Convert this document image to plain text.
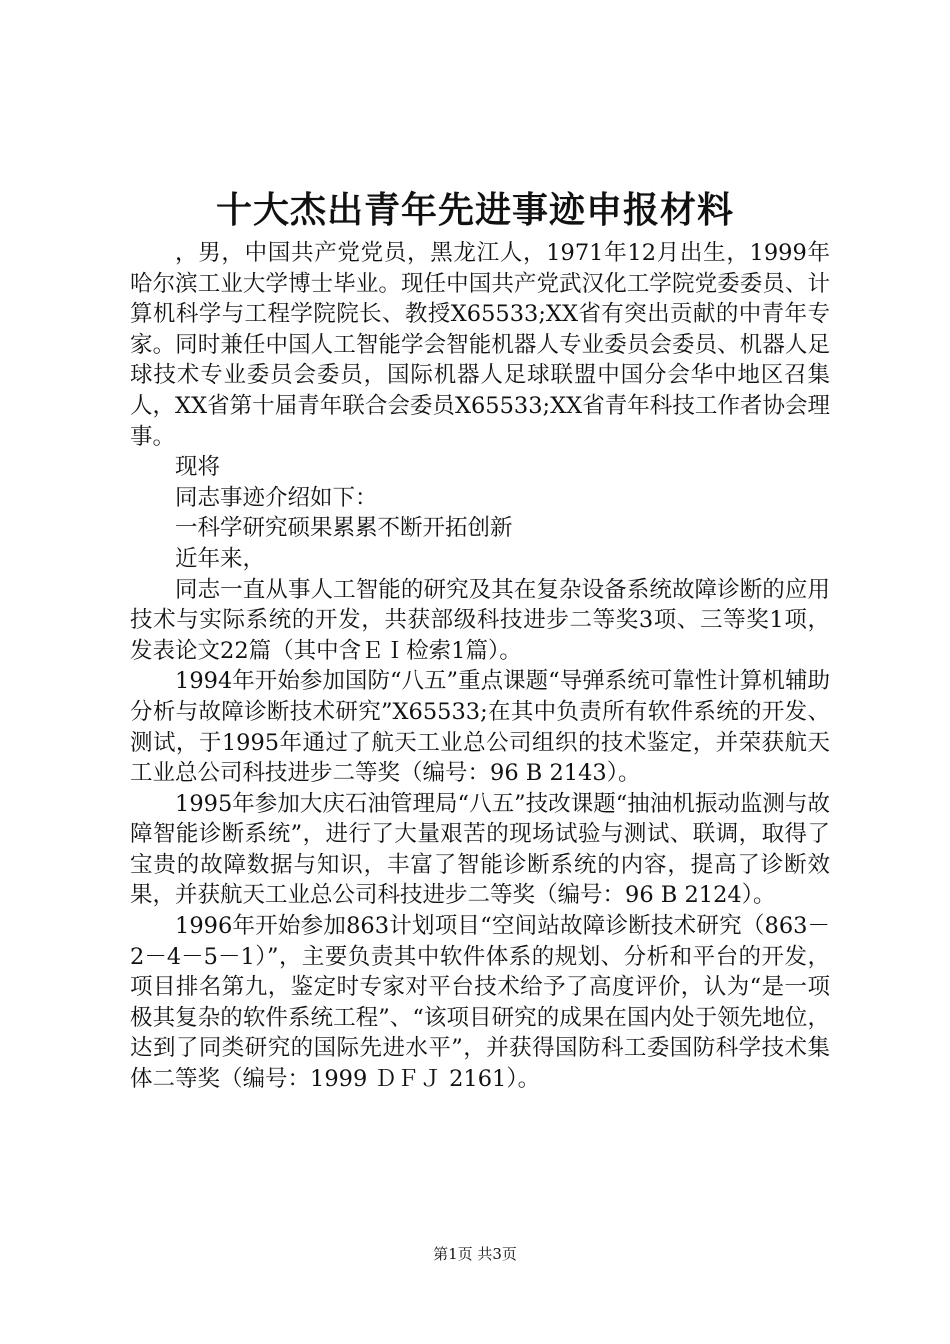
十大杰出青年先进事迹申报材料

，男，中国共产党党员，黑龙江人，1971年12月出生，1999年哈尔滨工业大学博士毕业。现任中国共产党武汉化工学院党委委员、计算机科学与工程学院院长、教授X65533;XX省有突出贡献的中青年专家。同时兼任中国人工智能学会智能机器人专业委员会委员、机器人足球技术专业委员会委员，国际机器人足球联盟中国分会华中地区召集人，XX省第十届青年联合会委员X65533;XX省青年科技工作者协会理事。

现将

同志事迹介绍如下：

一科学研究硕果累累不断开拓创新

近年来，

同志一直从事人工智能的研究及其在复杂设备系统故障诊断的应用技术与实际系统的开发，共获部级科技进步二等奖3项、三等奖1项，发表论文22篇（其中含ＥＩ检索1篇）。

1994年开始参加国防“八五”重点课题“导弹系统可靠性计算机辅助分析与故障诊断技术研究”X65533;在其中负责所有软件系统的开发、测试，于1995年通过了航天工业总公司组织的技术鉴定，并荣获航天工业总公司科技进步二等奖（编号：96 B 2143）。

1995年参加大庆石油管理局“八五”技改课题“抽油机振动监测与故障智能诊断系统”，进行了大量艰苦的现场试验与测试、联调，取得了宝贵的故障数据与知识，丰富了智能诊断系统的内容，提高了诊断效果，并获航天工业总公司科技进步二等奖（编号：96 B 2124）。

1996年开始参加863计划项目“空间站故障诊断技术研究（863－2－4－5－1）”，主要负责其中软件体系的规划、分析和平台的开发，项目排名第九，鉴定时专家对平台技术给予了高度评价，认为“是一项极其复杂的软件系统工程”、“该项目研究的成果在国内处于领先地位，达到了同类研究的国际先进水平”，并获得国防科工委国防科学技术集体二等奖（编号：1999 ＤＦＪ 2161）。

第1页 共3页
